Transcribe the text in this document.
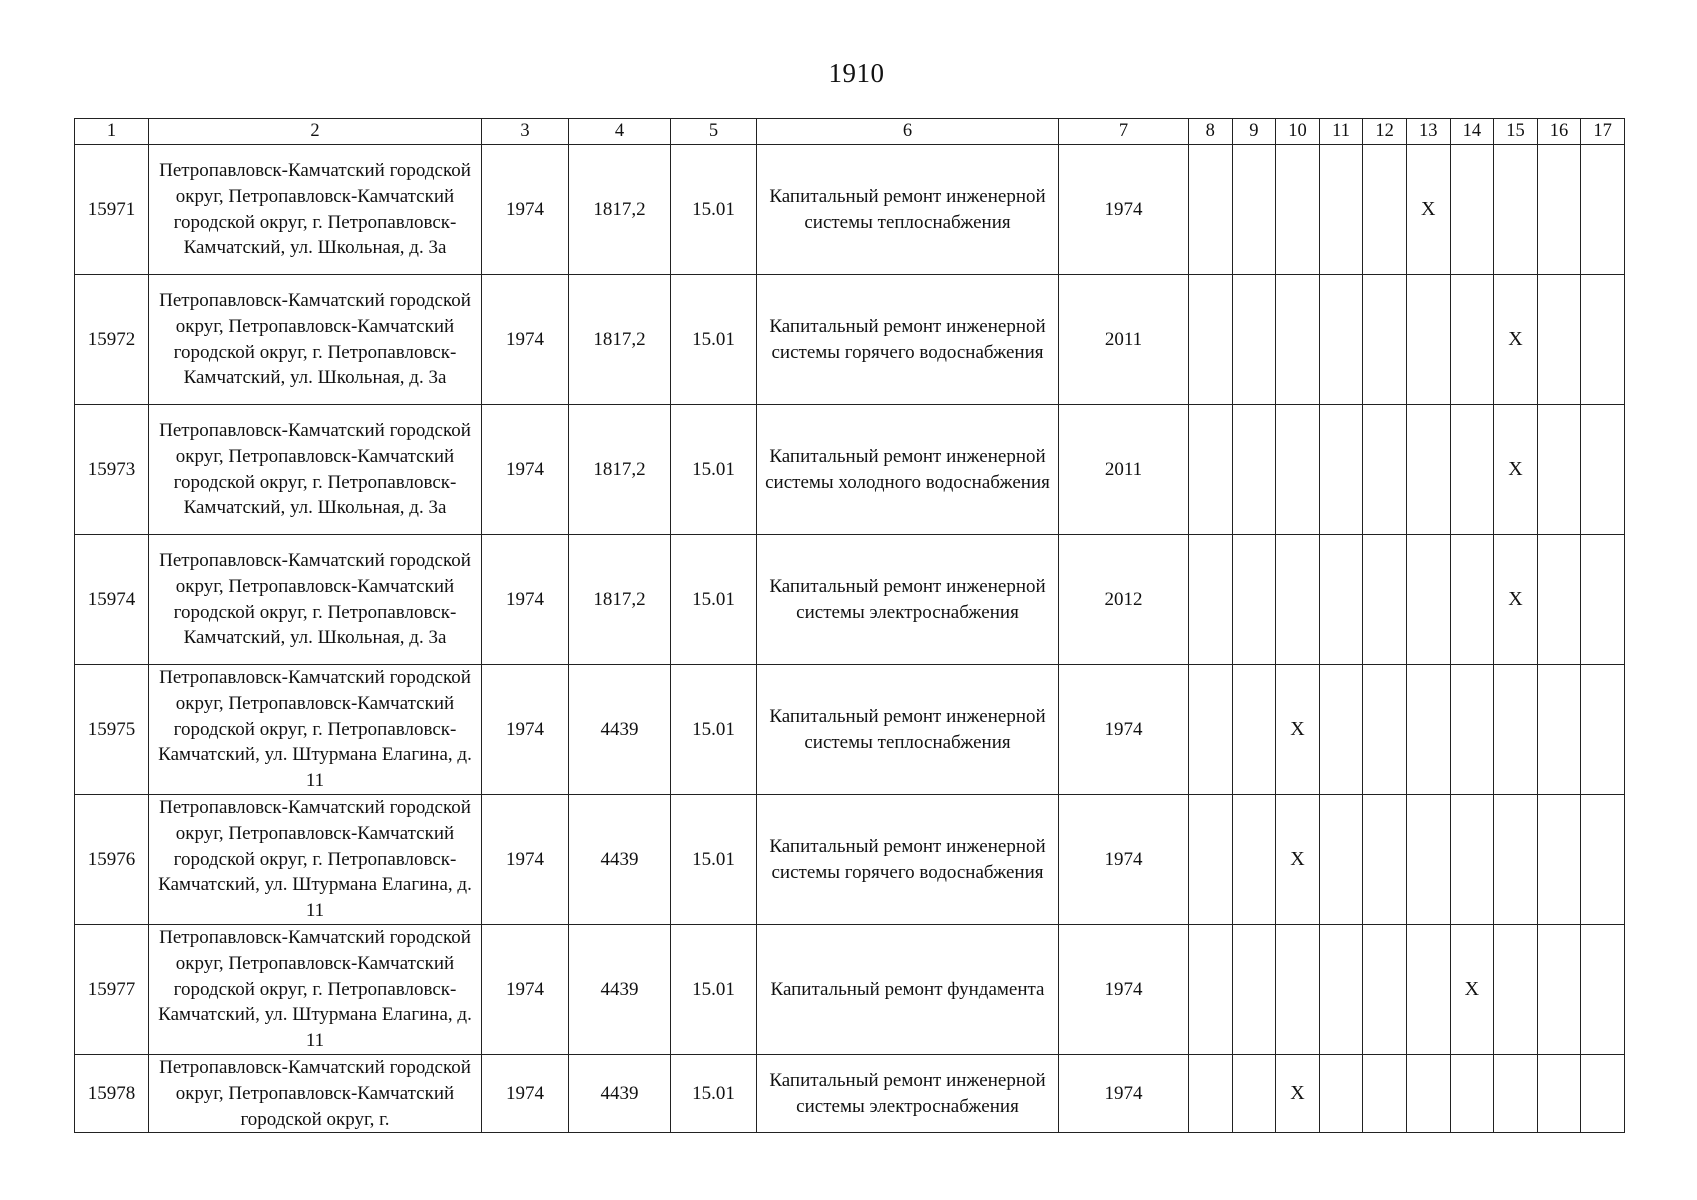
1910
1	2	3	4	5	6	7	8	9	10	11	12	13	14	15	16	17
15971	Петропавловск-Камчатский городской округ, Петропавловск-Камчатский городской округ, г. Петропавловск-Камчатский, ул. Школьная, д. 3а	1974	1817,2	15.01	Капитальный ремонт инженерной системы теплоснабжения	1974						X				
15972	Петропавловск-Камчатский городской округ, Петропавловск-Камчатский городской округ, г. Петропавловск-Камчатский, ул. Школьная, д. 3а	1974	1817,2	15.01	Капитальный ремонт инженерной системы горячего водоснабжения	2011								X		
15973	Петропавловск-Камчатский городской округ, Петропавловск-Камчатский городской округ, г. Петропавловск-Камчатский, ул. Школьная, д. 3а	1974	1817,2	15.01	Капитальный ремонт инженерной системы холодного водоснабжения	2011								X		
15974	Петропавловск-Камчатский городской округ, Петропавловск-Камчатский городской округ, г. Петропавловск-Камчатский, ул. Школьная, д. 3а	1974	1817,2	15.01	Капитальный ремонт инженерной системы электроснабжения	2012								X		
15975	Петропавловск-Камчатский городской округ, Петропавловск-Камчатский городской округ, г. Петропавловск-Камчатский, ул. Штурмана Елагина, д. 11	1974	4439	15.01	Капитальный ремонт инженерной системы теплоснабжения	1974			X							
15976	Петропавловск-Камчатский городской округ, Петропавловск-Камчатский городской округ, г. Петропавловск-Камчатский, ул. Штурмана Елагина, д. 11	1974	4439	15.01	Капитальный ремонт инженерной системы горячего водоснабжения	1974			X							
15977	Петропавловск-Камчатский городской округ, Петропавловск-Камчатский городской округ, г. Петропавловск-Камчатский, ул. Штурмана Елагина, д. 11	1974	4439	15.01	Капитальный ремонт фундамента	1974							X			
15978	Петропавловск-Камчатский городской округ, Петропавловск-Камчатский городской округ, г.	1974	4439	15.01	Капитальный ремонт инженерной системы электроснабжения	1974			X							
